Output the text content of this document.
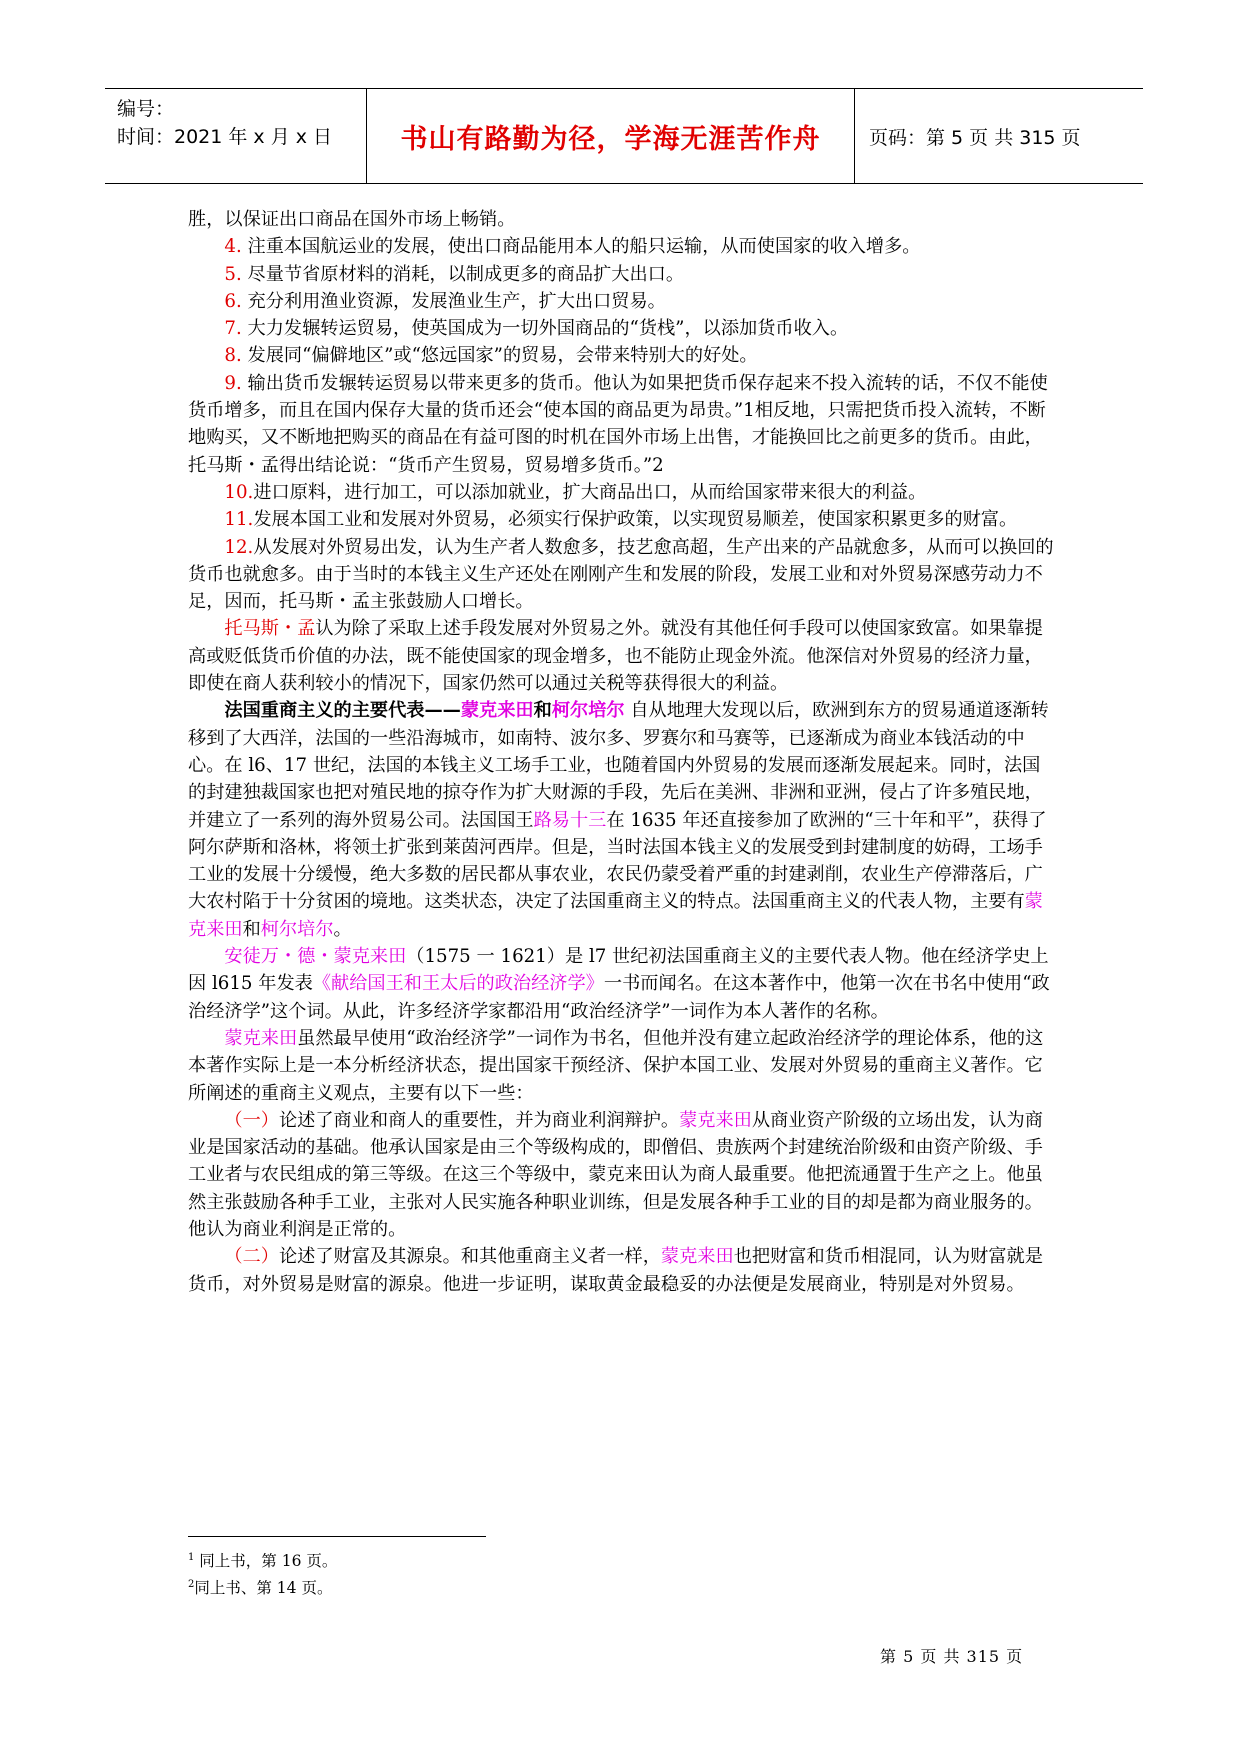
编号：
时间：2021 年 x 月 x 日	书山有路勤为径，学海无涯苦作舟	页码：第 5 页 共 315 页

胜，以保证出口商品在国外市场上畅销。

4. 注重本国航运业的发展，使出口商品能用本人的船只运输，从而使国家的收入增多。

5. 尽量节省原材料的消耗，以制成更多的商品扩大出口。

6. 充分利用渔业资源，发展渔业生产，扩大出口贸易。

7. 大力发辗转运贸易，使英国成为一切外国商品的“货栈”，以添加货币收入。

8. 发展同“偏僻地区”或“悠远国家”的贸易，会带来特别大的好处。

9. 输出货币发辗转运贸易以带来更多的货币。他认为如果把货币保存起来不投入流转的话，不仅不能使货币增多，而且在国内保存大量的货币还会“使本国的商品更为昂贵。”1相反地，只需把货币投入流转，不断地购买，又不断地把购买的商品在有益可图的时机在国外市场上出售，才能换回比之前更多的货币。由此，托马斯・孟得出结论说：“货币产生贸易，贸易增多货币。”2

10.进口原料，进行加工，可以添加就业，扩大商品出口，从而给国家带来很大的利益。

11.发展本国工业和发展对外贸易，必须实行保护政策，以实现贸易顺差，使国家积累更多的财富。

12.从发展对外贸易出发，认为生产者人数愈多，技艺愈高超，生产出来的产品就愈多，从而可以换回的货币也就愈多。由于当时的本钱主义生产还处在刚刚产生和发展的阶段，发展工业和对外贸易深感劳动力不足，因而，托马斯・孟主张鼓励人口增长。

托马斯・孟认为除了采取上述手段发展对外贸易之外。就没有其他任何手段可以使国家致富。如果靠提高或贬低货币价值的办法，既不能使国家的现金增多，也不能防止现金外流。他深信对外贸易的经济力量，即使在商人获利较小的情况下，国家仍然可以通过关税等获得很大的利益。

法国重商主义的主要代表——蒙克来田和柯尔培尔 自从地理大发现以后，欧洲到东方的贸易通道逐渐转移到了大西洋，法国的一些沿海城市，如南特、波尔多、罗赛尔和马赛等，已逐渐成为商业本钱活动的中心。在 l6、17 世纪，法国的本钱主义工场手工业，也随着国内外贸易的发展而逐渐发展起来。同时，法国的封建独裁国家也把对殖民地的掠夺作为扩大财源的手段，先后在美洲、非洲和亚洲，侵占了许多殖民地，并建立了一系列的海外贸易公司。法国国王路易十三在 1635 年还直接参加了欧洲的“三十年和平”，获得了阿尔萨斯和洛林，将领土扩张到莱茵河西岸。但是，当时法国本钱主义的发展受到封建制度的妨碍，工场手工业的发展十分缓慢，绝大多数的居民都从事农业，农民仍蒙受着严重的封建剥削，农业生产停滞落后，广大农村陷于十分贫困的境地。这类状态，决定了法国重商主义的特点。法国重商主义的代表人物，主要有蒙克来田和柯尔培尔。

安徒万・德・蒙克来田（1575 一 1621）是 l7 世纪初法国重商主义的主要代表人物。他在经济学史上因 l615 年发表《献给国王和王太后的政治经济学》一书而闻名。在这本著作中，他第一次在书名中使用“政治经济学”这个词。从此，许多经济学家都沿用“政治经济学”一词作为本人著作的名称。

蒙克来田虽然最早使用“政治经济学”一词作为书名，但他并没有建立起政治经济学的理论体系，他的这本著作实际上是一本分析经济状态，提出国家干预经济、保护本国工业、发展对外贸易的重商主义著作。它所阐述的重商主义观点，主要有以下一些：

（一）论述了商业和商人的重要性，并为商业利润辩护。蒙克来田从商业资产阶级的立场出发，认为商业是国家活动的基础。他承认国家是由三个等级构成的，即僧侣、贵族两个封建统治阶级和由资产阶级、手工业者与农民组成的第三等级。在这三个等级中，蒙克来田认为商人最重要。他把流通置于生产之上。他虽然主张鼓励各种手工业，主张对人民实施各种职业训练，但是发展各种手工业的目的却是都为商业服务的。他认为商业利润是正常的。

（二）论述了财富及其源泉。和其他重商主义者一样，蒙克来田也把财富和货币相混同，认为财富就是货币，对外贸易是财富的源泉。他进一步证明，谋取黄金最稳妥的办法便是发展商业，特别是对外贸易。

$^1$ 同上书，第 16 页。
$^2$同上书、第 14 页。
第 5 页 共 315 页
